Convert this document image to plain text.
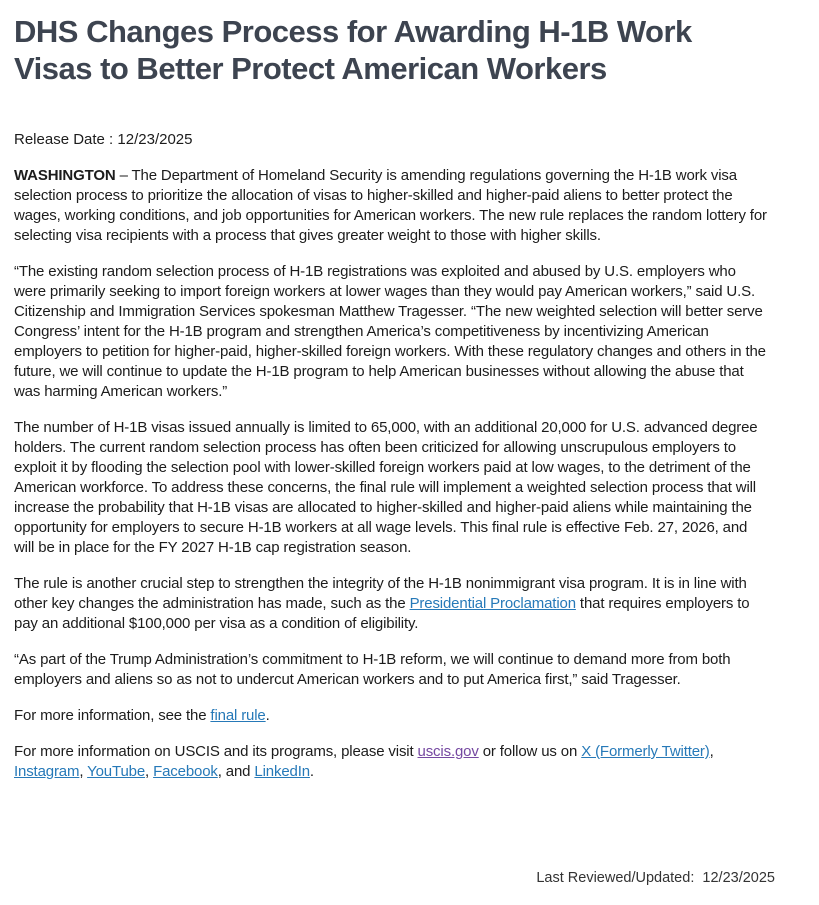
DHS Changes Process for Awarding H-1B Work Visas to Better Protect American Workers
Release Date : 12/23/2025

WASHINGTON – The Department of Homeland Security is amending regulations governing the H-1B work visa selection process to prioritize the allocation of visas to higher-skilled and higher-paid aliens to better protect the wages, working conditions, and job opportunities for American workers. The new rule replaces the random lottery for selecting visa recipients with a process that gives greater weight to those with higher skills.

“The existing random selection process of H-1B registrations was exploited and abused by U.S. employers who were primarily seeking to import foreign workers at lower wages than they would pay American workers,” said U.S. Citizenship and Immigration Services spokesman Matthew Tragesser. “The new weighted selection will better serve Congress’ intent for the H-1B program and strengthen America’s competitiveness by incentivizing American employers to petition for higher-paid, higher-skilled foreign workers. With these regulatory changes and others in the future, we will continue to update the H-1B program to help American businesses without allowing the abuse that was harming American workers.”

The number of H-1B visas issued annually is limited to 65,000, with an additional 20,000 for U.S. advanced degree holders. The current random selection process has often been criticized for allowing unscrupulous employers to exploit it by flooding the selection pool with lower-skilled foreign workers paid at low wages, to the detriment of the American workforce. To address these concerns, the final rule will implement a weighted selection process that will increase the probability that H-1B visas are allocated to higher-skilled and higher-paid aliens while maintaining the opportunity for employers to secure H-1B workers at all wage levels. This final rule is effective Feb. 27, 2026, and will be in place for the FY 2027 H-1B cap registration season.

The rule is another crucial step to strengthen the integrity of the H-1B nonimmigrant visa program. It is in line with other key changes the administration has made, such as the Presidential Proclamation that requires employers to pay an additional $100,000 per visa as a condition of eligibility.

“As part of the Trump Administration’s commitment to H-1B reform, we will continue to demand more from both employers and aliens so as not to undercut American workers and to put America first,” said Tragesser.

For more information, see the final rule.

For more information on USCIS and its programs, please visit uscis.gov or follow us on X (Formerly Twitter), Instagram, YouTube, Facebook, and LinkedIn.

Last Reviewed/Updated: 12/23/2025
